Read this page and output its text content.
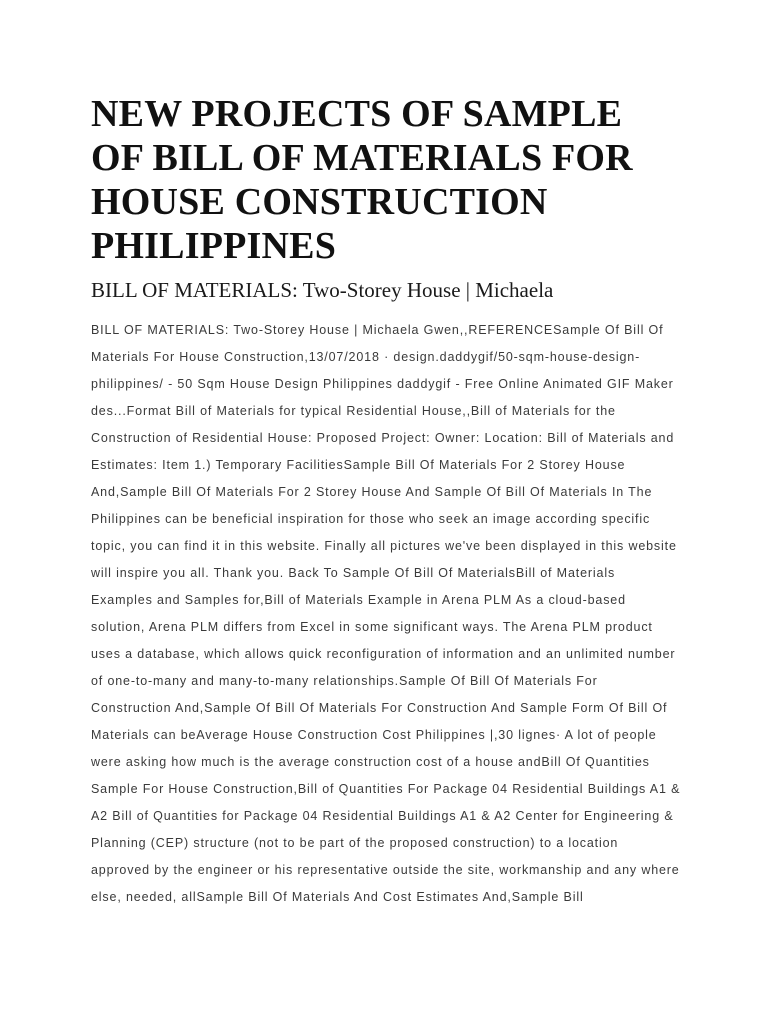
NEW PROJECTS OF SAMPLE OF BILL OF MATERIALS FOR HOUSE CONSTRUCTION PHILIPPINES
BILL OF MATERIALS: Two-Storey House | Michaela

BILL OF MATERIALS: Two-Storey House | Michaela Gwen,,REFERENCESample Of Bill Of Materials For House Construction,13/07/2018 · design.daddygif/50-sqm-house-design-philippines/ - 50 Sqm House Design Philippines daddygif - Free Online Animated GIF Maker des...Format Bill of Materials for typical Residential House,,Bill of Materials for the Construction of Residential House: Proposed Project: Owner: Location: Bill of Materials and Estimates: Item 1.) Temporary FacilitiesSample Bill Of Materials For 2 Storey House And,Sample Bill Of Materials For 2 Storey House And Sample Of Bill Of Materials In The Philippines can be beneficial inspiration for those who seek an image according specific topic, you can find it in this website. Finally all pictures we've been displayed in this website will inspire you all. Thank you. Back To Sample Of Bill Of MaterialsBill of Materials Examples and Samples for,Bill of Materials Example in Arena PLM As a cloud-based solution, Arena PLM differs from Excel in some significant ways. The Arena PLM product uses a database, which allows quick reconfiguration of information and an unlimited number of one-to-many and many-to-many relationships.Sample Of Bill Of Materials For Construction And,Sample Of Bill Of Materials For Construction And Sample Form Of Bill Of Materials can beAverage House Construction Cost Philippines |,30 lignes· A lot of people were asking how much is the average construction cost of a house andBill Of Quantities Sample For House Construction,Bill of Quantities For Package 04 Residential Buildings A1 & A2 Bill of Quantities for Package 04 Residential Buildings A1 & A2 Center for Engineering & Planning (CEP) structure (not to be part of the proposed construction) to a location approved by the engineer or his representative outside the site, workmanship and any where else, needed, allSample Bill Of Materials And Cost Estimates And,Sample Bill
